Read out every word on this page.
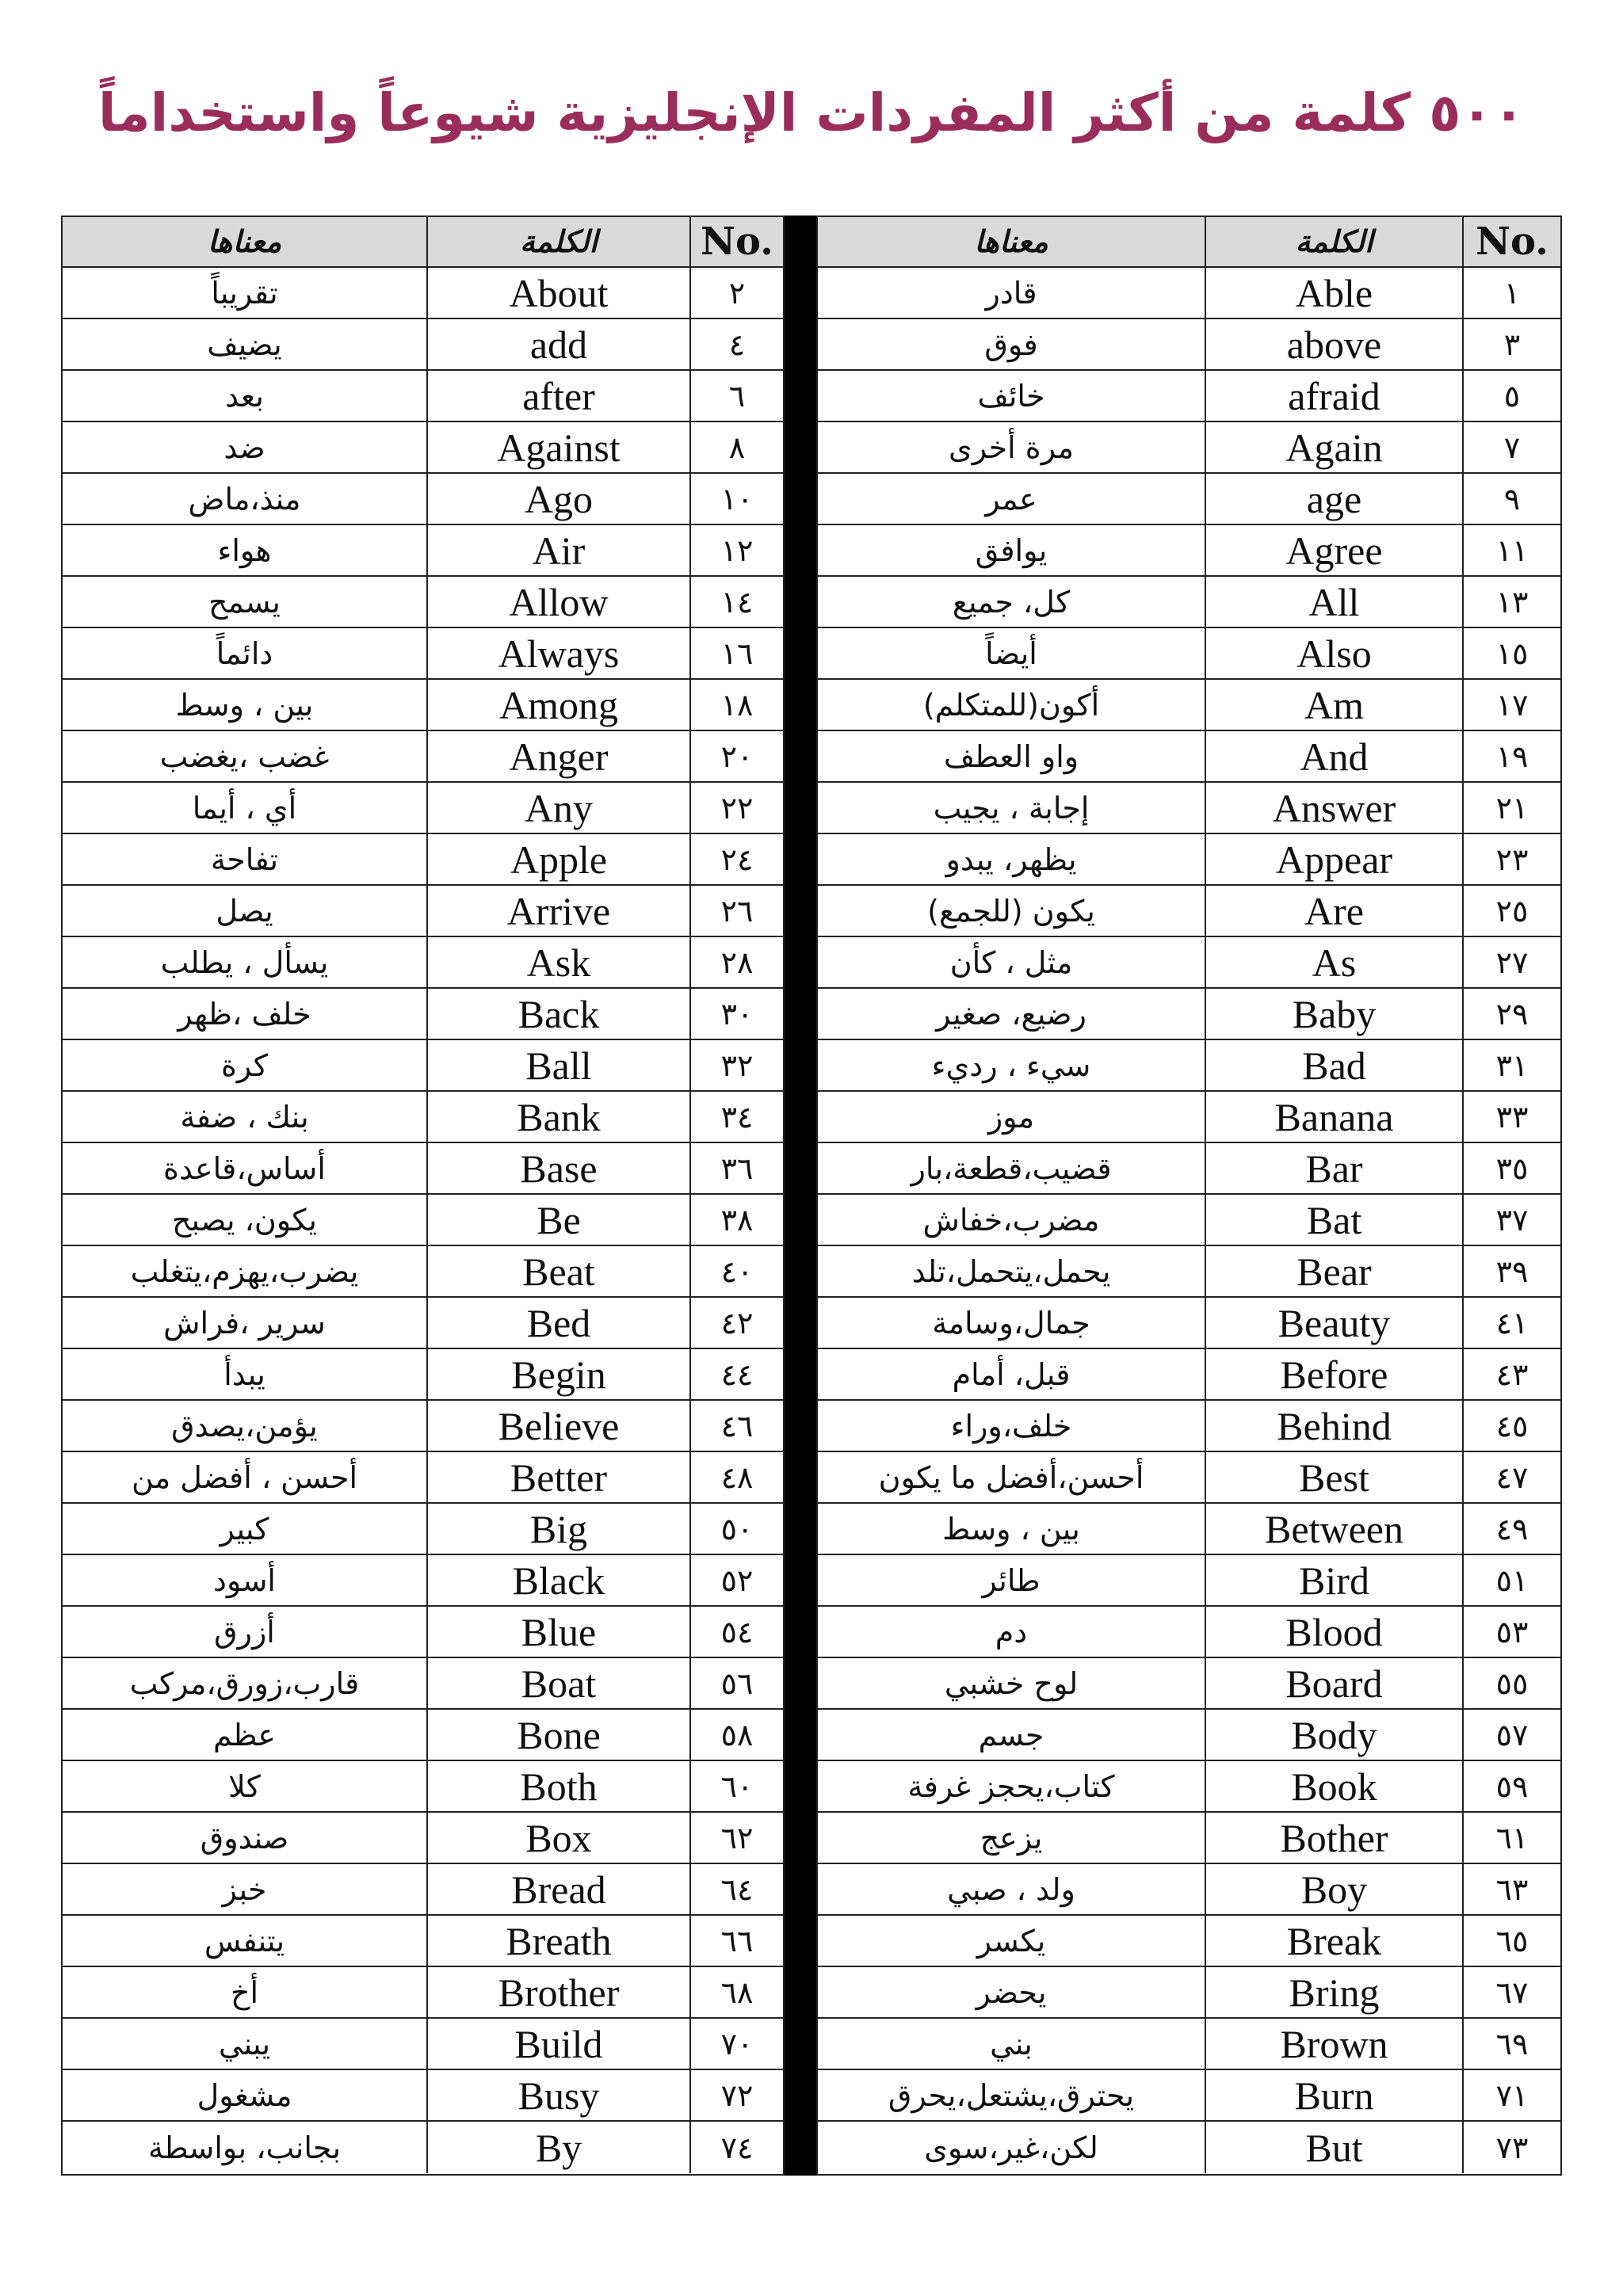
٥٠٠ كلمة من أكثر المفردات الإنجليزية شيوعاً واستخداماً
معناها	الكلمة	No.
تقريباً	About	٢
يضيف	add	٤
بعد	after	٦
ضد	Against	٨
منذ،ماض	Ago	١٠
هواء	Air	١٢
يسمح	Allow	١٤
دائماً	Always	١٦
بين ، وسط	Among	١٨
غضب ،يغضب	Anger	٢٠
أي ، أيما	Any	٢٢
تفاحة	Apple	٢٤
يصل	Arrive	٢٦
يسأل ، يطلب	Ask	٢٨
خلف ،ظهر	Back	٣٠
كرة	Ball	٣٢
بنك ، ضفة	Bank	٣٤
أساس،قاعدة	Base	٣٦
يكون، يصبح	Be	٣٨
يضرب،يهزم،يتغلب	Beat	٤٠
سرير ،فراش	Bed	٤٢
يبدأ	Begin	٤٤
يؤمن،يصدق	Believe	٤٦
أحسن ، أفضل من	Better	٤٨
كبير	Big	٥٠
أسود	Black	٥٢
أزرق	Blue	٥٤
قارب،زورق،مركب	Boat	٥٦
عظم	Bone	٥٨
كلا	Both	٦٠
صندوق	Box	٦٢
خبز	Bread	٦٤
يتنفس	Breath	٦٦
أخ	Brother	٦٨
يبني	Build	٧٠
مشغول	Busy	٧٢
بجانب، بواسطة	By	٧٤
معناها	الكلمة	No.
قادر	Able	١
فوق	above	٣
خائف	afraid	٥
مرة أخرى	Again	٧
عمر	age	٩
يوافق	Agree	١١
كل، جميع	All	١٣
أيضاً	Also	١٥
أكون(للمتكلم)	Am	١٧
واو العطف	And	١٩
إجابة ، يجيب	Answer	٢١
يظهر، يبدو	Appear	٢٣
يكون (للجمع)	Are	٢٥
مثل ، كأن	As	٢٧
رضيع، صغير	Baby	٢٩
سيء ، رديء	Bad	٣١
موز	Banana	٣٣
قضيب،قطعة،بار	Bar	٣٥
مضرب،خفاش	Bat	٣٧
يحمل،يتحمل،تلد	Bear	٣٩
جمال،وسامة	Beauty	٤١
قبل، أمام	Before	٤٣
خلف،وراء	Behind	٤٥
أحسن،أفضل ما يكون	Best	٤٧
بين ، وسط	Between	٤٩
طائر	Bird	٥١
دم	Blood	٥٣
لوح خشبي	Board	٥٥
جسم	Body	٥٧
كتاب،يحجز غرفة	Book	٥٩
يزعج	Bother	٦١
ولد ، صبي	Boy	٦٣
يكسر	Break	٦٥
يحضر	Bring	٦٧
بني	Brown	٦٩
يحترق،يشتعل،يحرق	Burn	٧١
لكن،غير،سوى	But	٧٣
